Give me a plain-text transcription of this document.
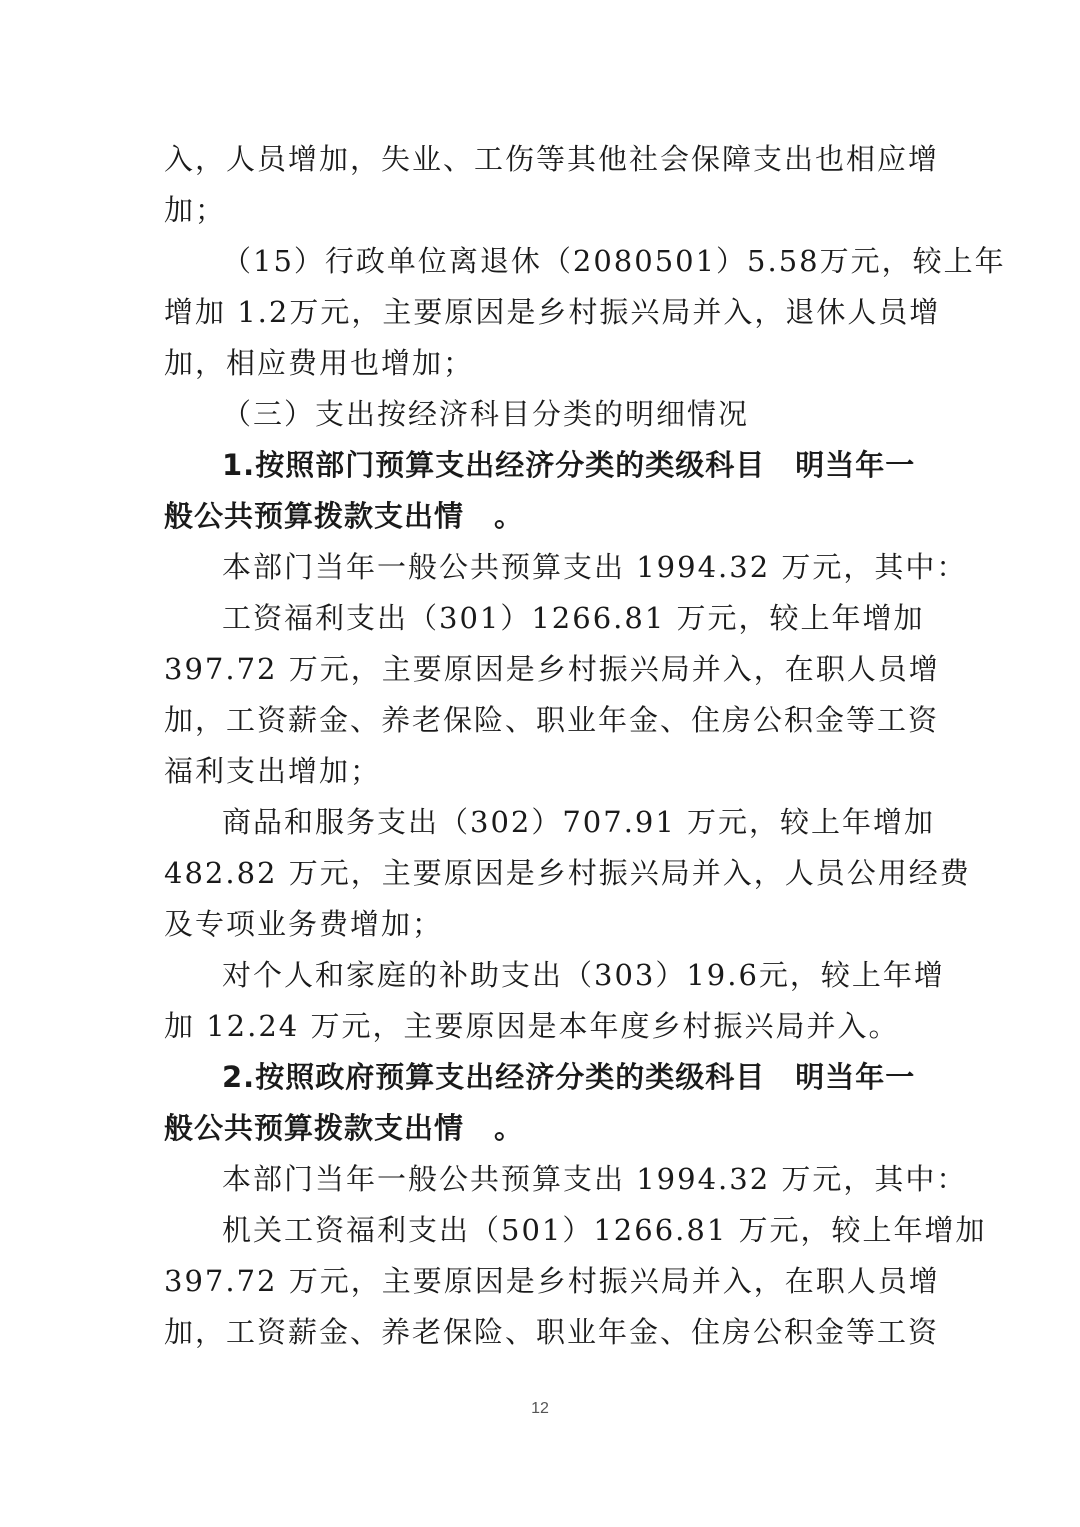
入，人员增加，失业、工伤等其他社会保障支出也相应增
加；
（15）行政单位离退休（2080501）5.58万元，较上年
增加 1.2万元，主要原因是乡村振兴局并入，退休人员增
加，相应费用也增加；
（三）支出按经济科目分类的明细情况
1.按照部门预算支出经济分类的类级科目　明当年一
般公共预算拨款支出情　。
本部门当年一般公共预算支出 1994.32 万元，其中：
工资福利支出（301）1266.81 万元，较上年增加
397.72 万元，主要原因是乡村振兴局并入，在职人员增
加，工资薪金、养老保险、职业年金、住房公积金等工资
福利支出增加；
商品和服务支出（302）707.91 万元，较上年增加
482.82 万元，主要原因是乡村振兴局并入，人员公用经费
及专项业务费增加；
对个人和家庭的补助支出（303）19.6元，较上年增
加 12.24 万元，主要原因是本年度乡村振兴局并入。
2.按照政府预算支出经济分类的类级科目　明当年一
般公共预算拨款支出情　。
本部门当年一般公共预算支出 1994.32 万元，其中：
机关工资福利支出（501）1266.81 万元，较上年增加
397.72 万元，主要原因是乡村振兴局并入，在职人员增
加，工资薪金、养老保险、职业年金、住房公积金等工资
12
